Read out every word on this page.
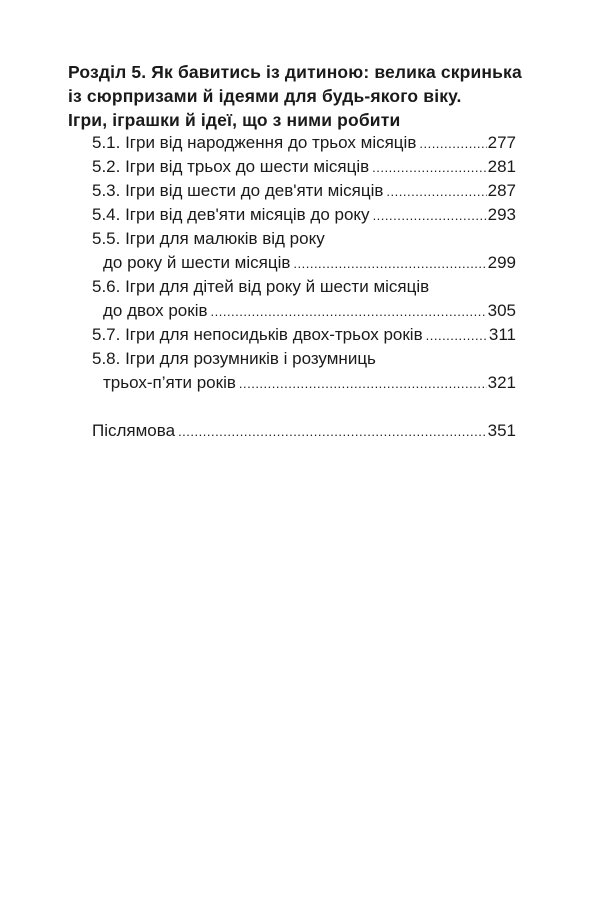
Розділ 5. Як бавитись із дитиною: велика скринька
із сюрпризами й ідеями для будь-якого віку.
Ігри, іграшки й ідеї, що з ними робити
5.1. Ігри від народження до трьох місяців .....	277
5.2. Ігри від трьох до шести місяців .....	281
5.3. Ігри від шести до дев'яти місяців .....	287
5.4. Ігри від дев'яти місяців до року .....	293
5.5. Ігри для малюків від року
до року й шести місяців .....	299
5.6. Ігри для дітей від року й шести місяців
до двох років .....	305
5.7. Ігри для непосидьків двох-трьох років .....	311
5.8. Ігри для розумників і розумниць
трьох-п’яти років .....	321
Післямова .....	351
